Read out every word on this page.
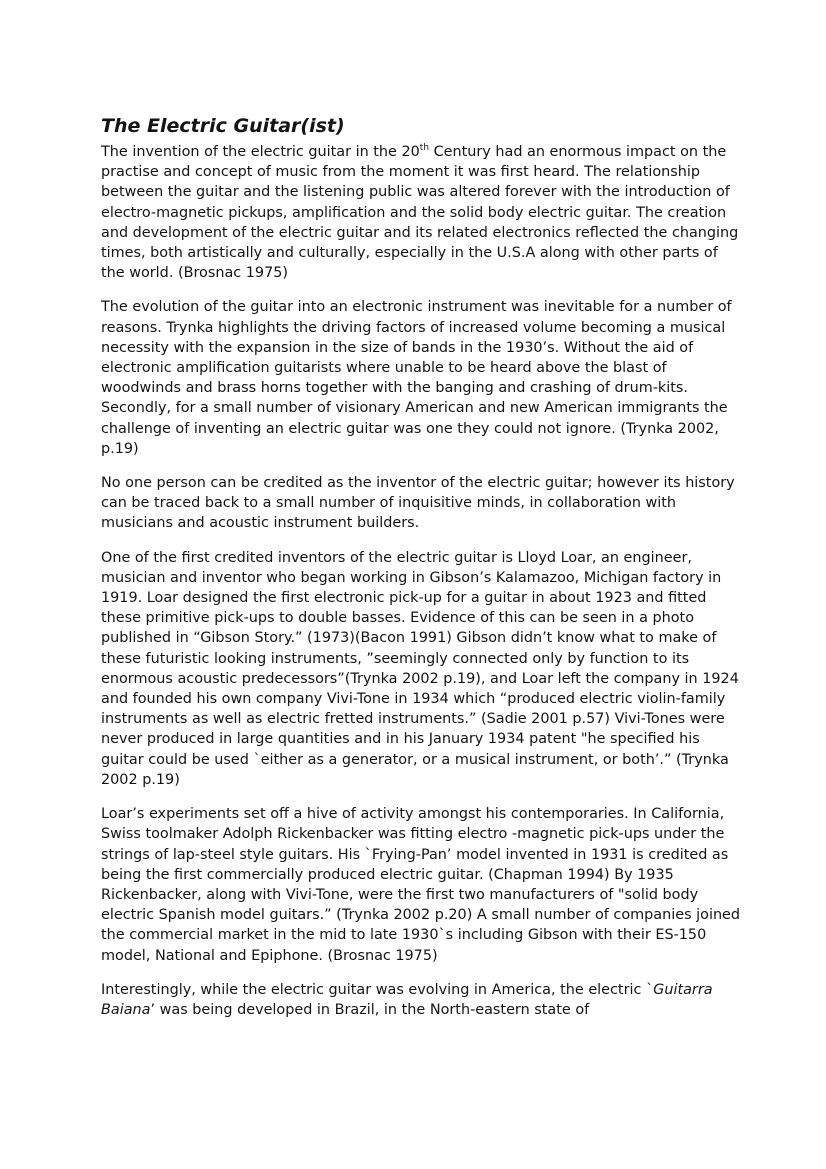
The Electric Guitar(ist)

The invention of the electric guitar in the 20th Century had an enormous impact on the practise and concept of music from the moment it was first heard. The relationship between the guitar and the listening public was altered forever with the introduction of electro-magnetic pickups, amplification and the solid body electric guitar. The creation and development of the electric guitar and its related electronics reflected the changing times, both artistically and culturally, especially in the U.S.A along with other parts of the world. (Brosnac 1975)

The evolution of the guitar into an electronic instrument was inevitable for a number of reasons. Trynka highlights the driving factors of increased volume becoming a musical necessity with the expansion in the size of bands in the 1930’s. Without the aid of electronic amplification guitarists where unable to be heard above the blast of woodwinds and brass horns together with the banging and crashing of drum-kits. Secondly, for a small number of visionary American and new American immigrants the challenge of inventing an electric guitar was one they could not ignore. (Trynka 2002, p.19)

No one person can be credited as the inventor of the electric guitar; however its history can be traced back to a small number of inquisitive minds, in collaboration with musicians and acoustic instrument builders.

One of the first credited inventors of the electric guitar is Lloyd Loar, an engineer, musician and inventor who began working in Gibson’s Kalamazoo, Michigan factory in 1919. Loar designed the first electronic pick-up for a guitar in about 1923 and fitted these primitive pick-ups to double basses. Evidence of this can be seen in a photo published in “Gibson Story.” (1973)(Bacon 1991) Gibson didn’t know what to make of these futuristic looking instruments, ”seemingly connected only by function to its enormous acoustic predecessors”(Trynka 2002 p.19), and Loar left the company in 1924 and founded his own company Vivi-Tone in 1934 which “produced electric violin-family instruments as well as electric fretted instruments.” (Sadie 2001 p.57) Vivi-Tones were never produced in large quantities and in his January 1934 patent "he specified his guitar could be used `either as a generator, or a musical instrument, or both’.” (Trynka 2002 p.19)

Loar’s experiments set off a hive of activity amongst his contemporaries. In California, Swiss toolmaker Adolph Rickenbacker was fitting electro -magnetic pick-ups under the strings of lap-steel style guitars. His `Frying-Pan’ model invented in 1931 is credited as being the first commercially produced electric guitar. (Chapman 1994) By 1935 Rickenbacker, along with Vivi-Tone, were the first two manufacturers of "solid body electric Spanish model guitars.” (Trynka 2002 p.20) A small number of companies joined the commercial market in the mid to late 1930`s including Gibson with their ES-150 model, National and Epiphone. (Brosnac 1975)

Interestingly, while the electric guitar was evolving in America, the electric `Guitarra Baiana’ was being developed in Brazil, in the North-eastern state of
